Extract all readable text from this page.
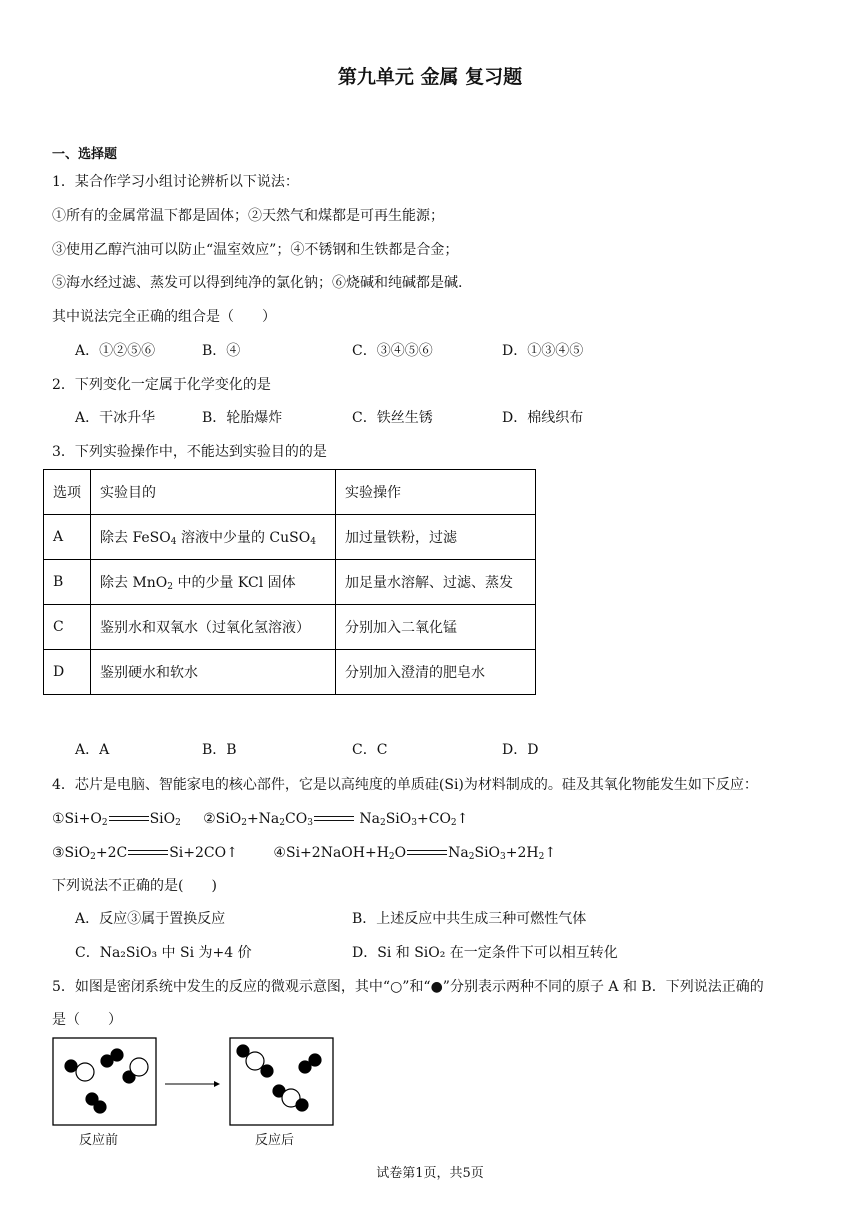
第九单元 金属 复习题
一、选择题
1．某合作学习小组讨论辨析以下说法：
①所有的金属常温下都是固体；②天然气和煤都是可再生能源；
③使用乙醇汽油可以防止“温室效应”；④不锈钢和生铁都是合金；
⑤海水经过滤、蒸发可以得到纯净的氯化钠；⑥烧碱和纯碱都是碱.
其中说法完全正确的组合是（　　）
A．①②⑤⑥	B．④	C．③④⑤⑥	D．①③④⑤
2．下列变化一定属于化学变化的是
A．干冰升华	B．轮胎爆炸	C．铁丝生锈	D．棉线织布
3．下列实验操作中，不能达到实验目的的是
选项	实验目的	实验操作
A	除去 FeSO$_4$ 溶液中少量的 CuSO$_4$	加过量铁粉，过滤
B	除去 MnO$_2$ 中的少量 KCl 固体	加足量水溶解、过滤、蒸发
C	鉴别水和双氧水（过氧化氢溶液）	分别加入二氧化锰
D	鉴别硬水和软水	分别加入澄清的肥皂水
A．A	B．B	C．C	D．D
4．芯片是电脑、智能家电的核心部件，它是以高纯度的单质硅(Si)为材料制成的。硅及其氧化物能发生如下反应：
$①Si+O_2$	SiO$_2$     $②SiO_2+Na_2CO_3$	$Na_2SiO_3+CO_2↑$
③SiO$_2$+2C	Si+2CO↑        $④Si+2NaOH+H_2O$	$Na_2SiO_3+2H_2↑$
下列说法不正确的是(　　)
A．反应③属于置换反应	B．上述反应中共生成三种可燃性气体
C．Na₂SiO₃ 中 Si 为+4 价	D．Si 和 SiO₂ 在一定条件下可以相互转化
5．如图是密闭系统中发生的反应的微观示意图，其中“○”和“●”分别表示两种不同的原子 A 和 B．下列说法正确的
是（　　）
反应前	反应后
试卷第1页，共5页
